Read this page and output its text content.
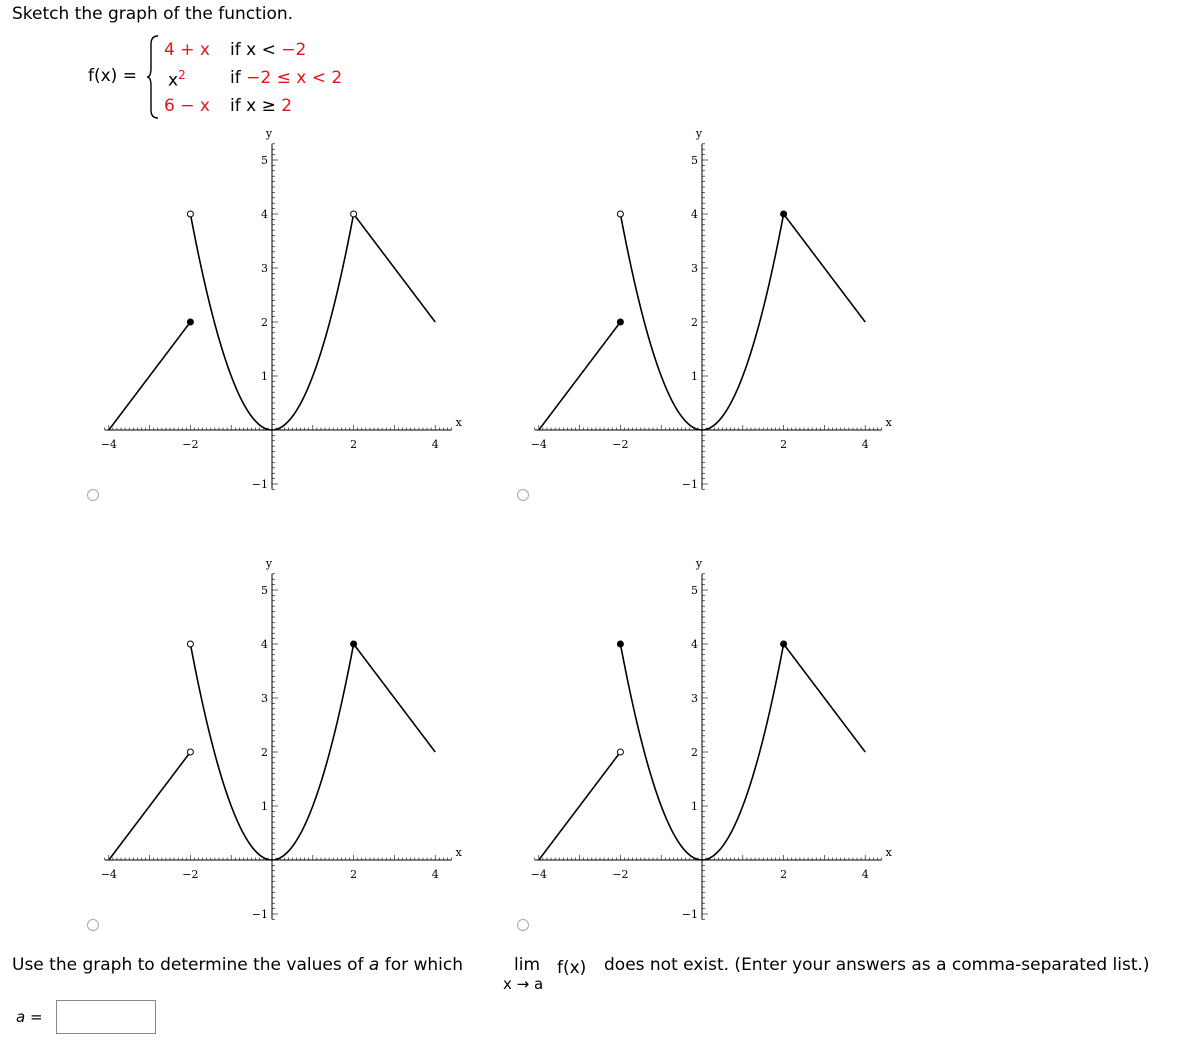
Sketch the graph of the function.
f(x) =
4 + x if x < −2
$x^2$	if −2 ≤ x < 2
6 − x if x ≥ 2
−4	−2	2	4
5
4
3
2
1
−1
x
y
−4	−2	2	4
5
4
3
2
1
−1
x
y
−4	−2	2	4
5
4
3
2
1
−1
x
y
−4	−2	2	4
5
4
3
2
1
−1
x
y
Use the graph to determine the values of a for which	lim
x → a
f(x) does not exist. (Enter your answers as a comma-separated list.)
a =
